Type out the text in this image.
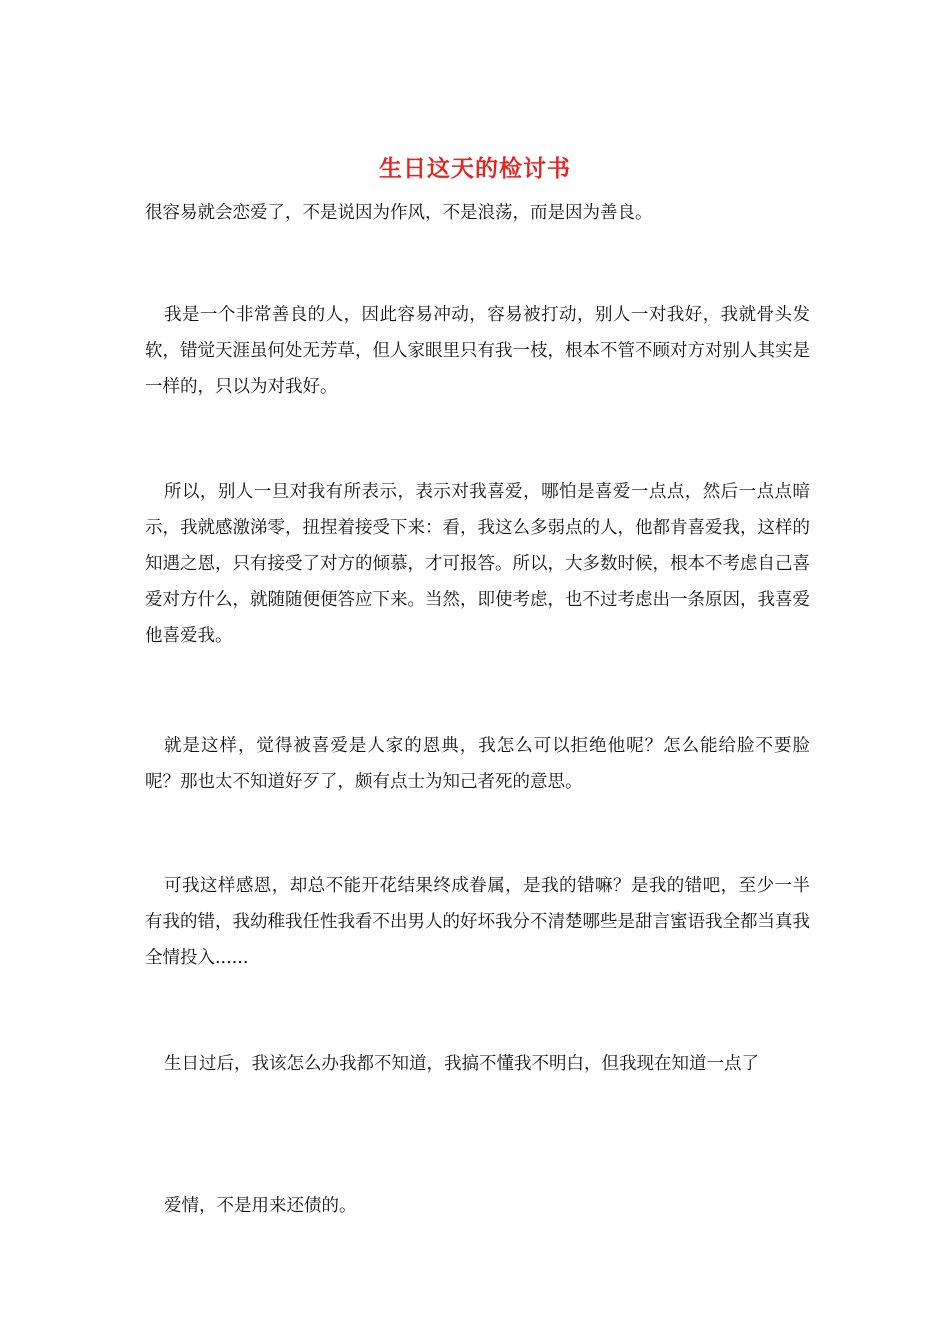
生日这天的检讨书

很容易就会恋爱了，不是说因为作风，不是浪荡，而是因为善良。

我是一个非常善良的人，因此容易冲动，容易被打动，别人一对我好，我就骨头发软，错觉天涯虽何处无芳草，但人家眼里只有我一枝，根本不管不顾对方对别人其实是一样的，只以为对我好。

所以，别人一旦对我有所表示，表示对我喜爱，哪怕是喜爱一点点，然后一点点暗示，我就感激涕零，扭捏着接受下来：看，我这么多弱点的人，他都肯喜爱我，这样的知遇之恩，只有接受了对方的倾慕，才可报答。所以，大多数时候，根本不考虑自己喜爱对方什么，就随随便便答应下来。当然，即使考虑，也不过考虑出一条原因，我喜爱他喜爱我。

就是这样，觉得被喜爱是人家的恩典，我怎么可以拒绝他呢？怎么能给脸不要脸呢？那也太不知道好歹了，颇有点士为知己者死的意思。

可我这样感恩，却总不能开花结果终成眷属，是我的错嘛？是我的错吧，至少一半有我的错，我幼稚我任性我看不出男人的好坏我分不清楚哪些是甜言蜜语我全都当真我全情投入......

生日过后，我该怎么办我都不知道，我搞不懂我不明白，但我现在知道一点了

爱情，不是用来还债的。
